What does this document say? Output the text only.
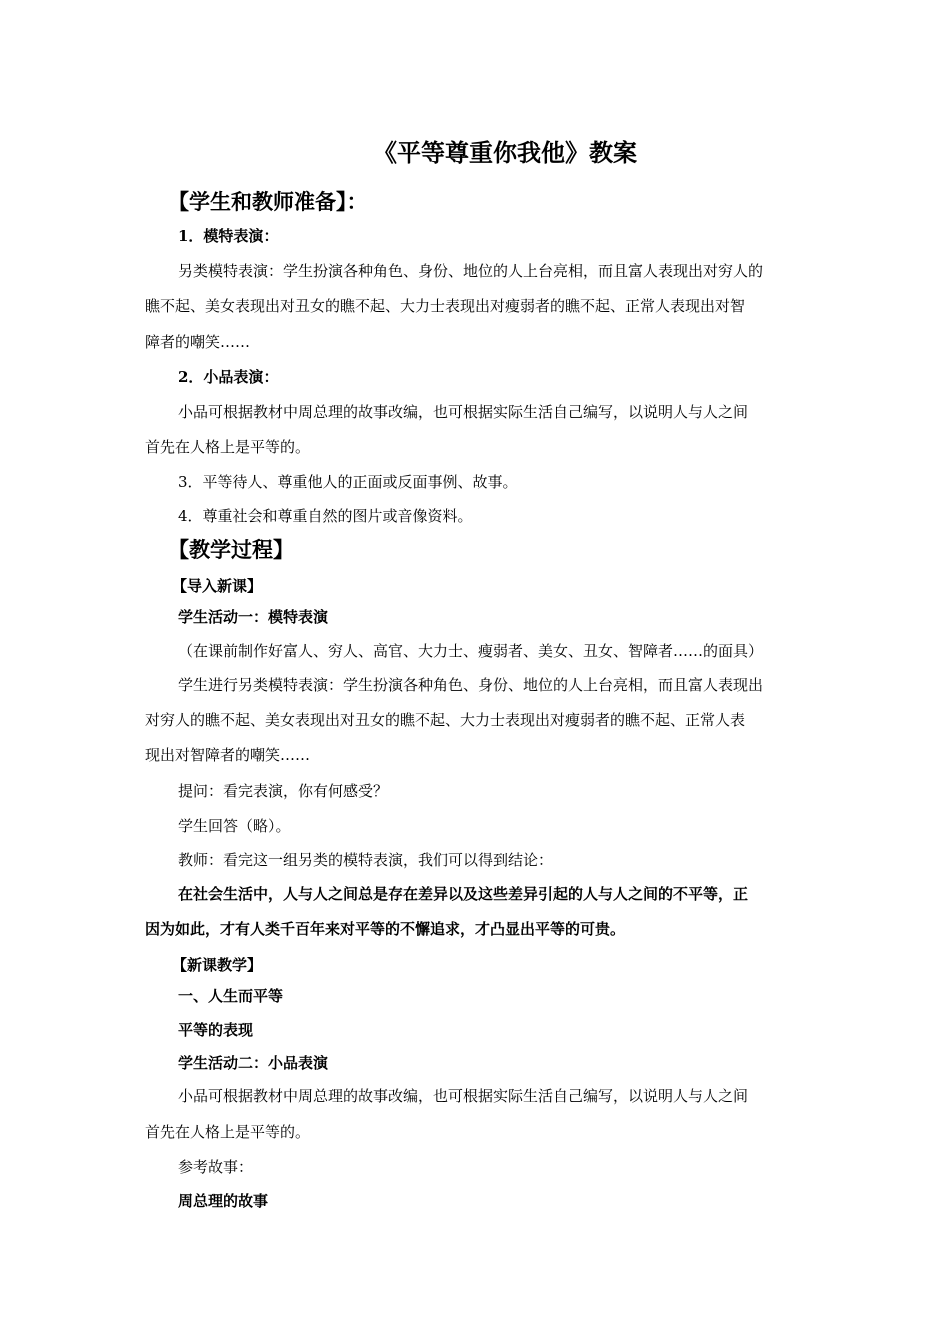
《平等尊重你我他》教案
【学生和教师准备】：
1．模特表演：
另类模特表演：学生扮演各种角色、身份、地位的人上台亮相，而且富人表现出对穷人的
瞧不起、美女表现出对丑女的瞧不起、大力士表现出对瘦弱者的瞧不起、正常人表现出对智
障者的嘲笑……
2．小品表演：
小品可根据教材中周总理的故事改编，也可根据实际生活自己编写，以说明人与人之间
首先在人格上是平等的。
3．平等待人、尊重他人的正面或反面事例、故事。
4．尊重社会和尊重自然的图片或音像资料。
【教学过程】
【导入新课】
学生活动一：模特表演
（在课前制作好富人、穷人、高官、大力士、瘦弱者、美女、丑女、智障者……的面具）
学生进行另类模特表演：学生扮演各种角色、身份、地位的人上台亮相，而且富人表现出
对穷人的瞧不起、美女表现出对丑女的瞧不起、大力士表现出对瘦弱者的瞧不起、正常人表
现出对智障者的嘲笑……
提问：看完表演，你有何感受？
学生回答（略）。
教师：看完这一组另类的模特表演，我们可以得到结论：
在社会生活中，人与人之间总是存在差异以及这些差异引起的人与人之间的不平等，正
因为如此，才有人类千百年来对平等的不懈追求，才凸显出平等的可贵。
【新课教学】
一、人生而平等
平等的表现
学生活动二：小品表演
小品可根据教材中周总理的故事改编，也可根据实际生活自己编写，以说明人与人之间
首先在人格上是平等的。
参考故事：
周总理的故事
